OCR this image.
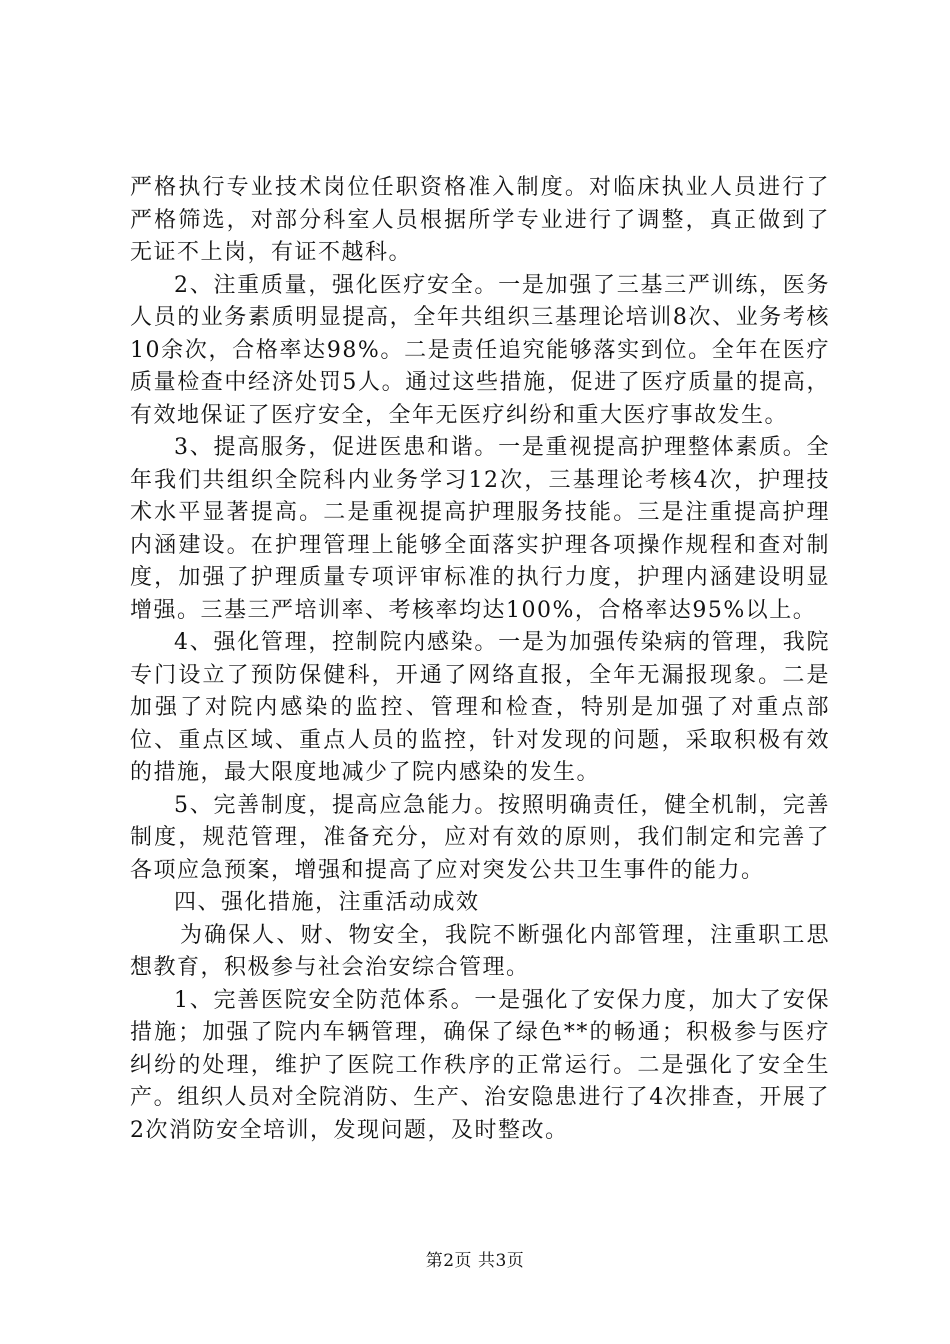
严格执行专业技术岗位任职资格准入制度。对临床执业人员进行了严格筛选，对部分科室人员根据所学专业进行了调整，真正做到了无证不上岗，有证不越科。

2、注重质量，强化医疗安全。一是加强了三基三严训练，医务人员的业务素质明显提高，全年共组织三基理论培训8次、业务考核10余次，合格率达98%。二是责任追究能够落实到位。全年在医疗质量检查中经济处罚5人。通过这些措施，促进了医疗质量的提高，有效地保证了医疗安全，全年无医疗纠纷和重大医疗事故发生。

3、提高服务，促进医患和谐。一是重视提高护理整体素质。全年我们共组织全院科内业务学习12次，三基理论考核4次，护理技术水平显著提高。二是重视提高护理服务技能。三是注重提高护理内涵建设。在护理管理上能够全面落实护理各项操作规程和查对制度，加强了护理质量专项评审标准的执行力度，护理内涵建设明显增强。三基三严培训率、考核率均达100%，合格率达95%以上。

4、强化管理，控制院内感染。一是为加强传染病的管理，我院专门设立了预防保健科，开通了网络直报，全年无漏报现象。二是加强了对院内感染的监控、管理和检查，特别是加强了对重点部位、重点区域、重点人员的监控，针对发现的问题，采取积极有效的措施，最大限度地减少了院内感染的发生。

5、完善制度，提高应急能力。按照明确责任，健全机制，完善制度，规范管理，准备充分，应对有效的原则，我们制定和完善了各项应急预案，增强和提高了应对突发公共卫生事件的能力。

四、强化措施，注重活动成效

为确保人、财、物安全，我院不断强化内部管理，注重职工思想教育，积极参与社会治安综合管理。

1、完善医院安全防范体系。一是强化了安保力度，加大了安保措施；加强了院内车辆管理，确保了绿色**的畅通；积极参与医疗纠纷的处理，维护了医院工作秩序的正常运行。二是强化了安全生产。组织人员对全院消防、生产、治安隐患进行了4次排查，开展了2次消防安全培训，发现问题，及时整改。

第2页 共3页
